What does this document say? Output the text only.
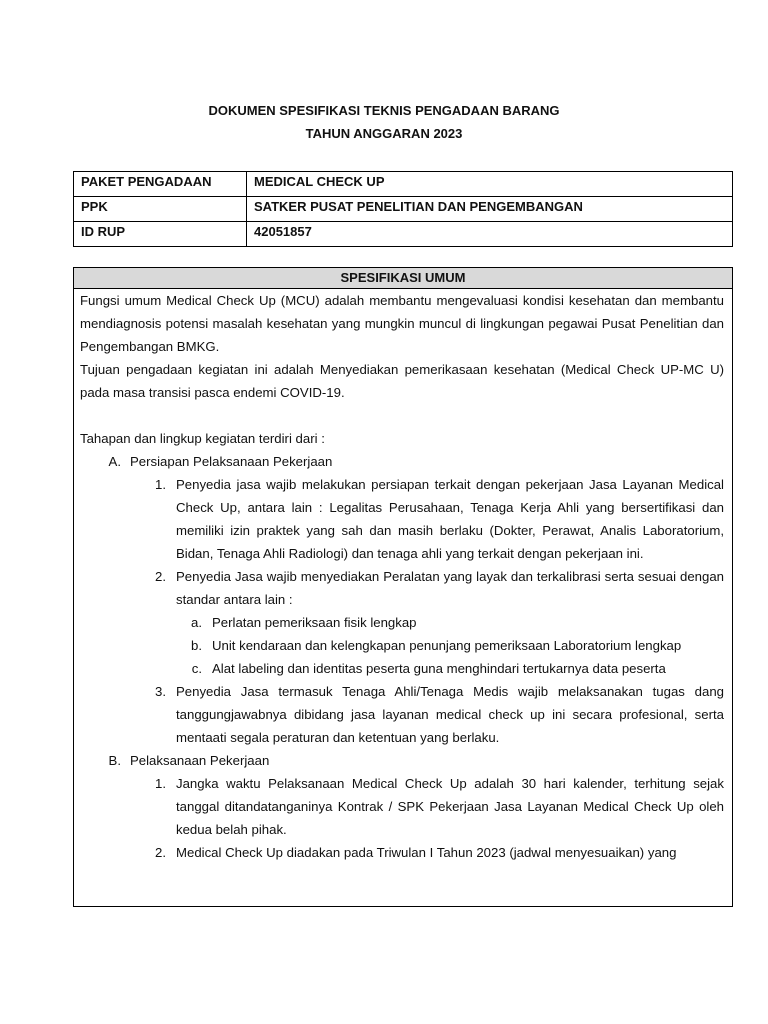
DOKUMEN SPESIFIKASI TEKNIS PENGADAAN BARANG
TAHUN ANGGARAN 2023
PAKET PENGADAAN	MEDICAL CHECK UP
PPK	SATKER PUSAT PENELITIAN DAN PENGEMBANGAN
ID RUP	42051857
SPESIFIKASI UMUM

Fungsi umum Medical Check Up (MCU) adalah membantu mengevaluasi kondisi kesehatan dan membantu mendiagnosis potensi masalah kesehatan yang mungkin muncul di lingkungan pegawai Pusat Penelitian dan Pengembangan BMKG.

Tujuan pengadaan kegiatan ini adalah Menyediakan pemerikasaan kesehatan (Medical Check UP-MC U) pada masa transisi pasca endemi COVID-19.

Tahapan dan lingkup kegiatan terdiri dari :

A. Persiapan Pelaksanaan Pekerjaan
1. Penyedia jasa wajib melakukan persiapan terkait dengan pekerjaan Jasa Layanan Medical Check Up, antara lain : Legalitas Perusahaan, Tenaga Kerja Ahli yang bersertifikasi dan memiliki izin praktek yang sah dan masih berlaku (Dokter, Perawat, Analis Laboratorium, Bidan, Tenaga Ahli Radiologi) dan tenaga ahli yang terkait dengan pekerjaan ini.
2. Penyedia Jasa wajib menyediakan Peralatan yang layak dan terkalibrasi serta sesuai dengan standar antara lain :
a. Perlatan pemeriksaan fisik lengkap
b. Unit kendaraan dan kelengkapan penunjang pemeriksaan Laboratorium lengkap
c. Alat labeling dan identitas peserta guna menghindari tertukarnya data peserta
3. Penyedia Jasa termasuk Tenaga Ahli/Tenaga Medis wajib melaksanakan tugas dang tanggungjawabnya dibidang jasa layanan medical check up ini secara profesional, serta mentaati segala peraturan dan ketentuan yang berlaku.
B. Pelaksanaan Pekerjaan
1. Jangka waktu Pelaksanaan Medical Check Up adalah 30 hari kalender, terhitung sejak tanggal ditandatanganinya Kontrak / SPK Pekerjaan Jasa Layanan Medical Check Up oleh kedua belah pihak.
2. Medical Check Up diadakan pada Triwulan I Tahun 2023 (jadwal menyesuaikan) yang
